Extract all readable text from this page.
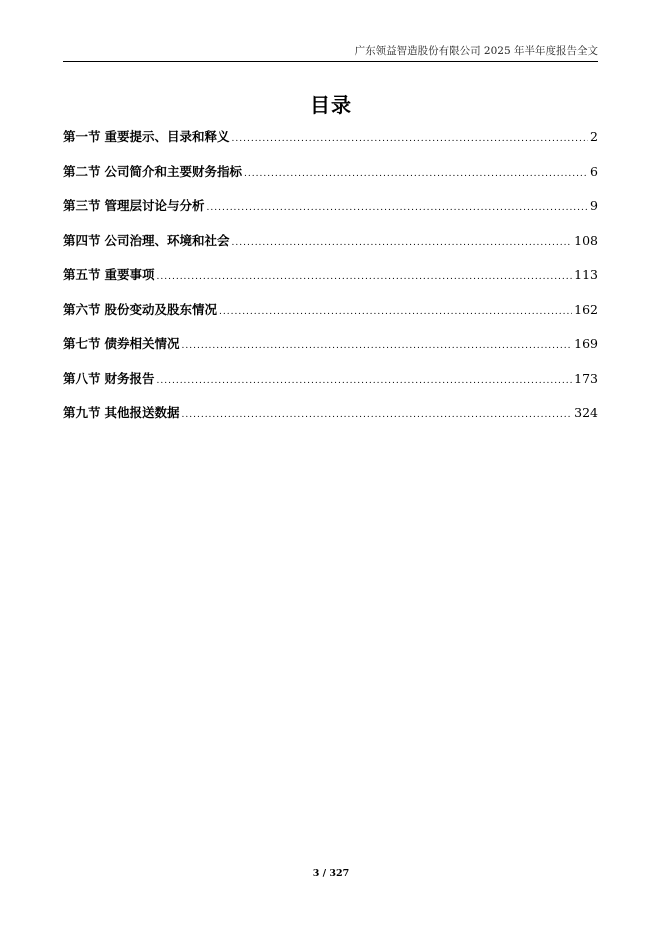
广东领益智造股份有限公司 2025 年半年度报告全文
目录
第一节 重要提示、目录和释义 .....	2
第二节 公司简介和主要财务指标 .....	6
第三节 管理层讨论与分析 .....	9
第四节 公司治理、环境和社会 .....	108
第五节 重要事项 .....	113
第六节 股份变动及股东情况 .....	162
第七节 债券相关情况 .....	169
第八节 财务报告 .....	173
第九节 其他报送数据 .....	324
3 / 327
